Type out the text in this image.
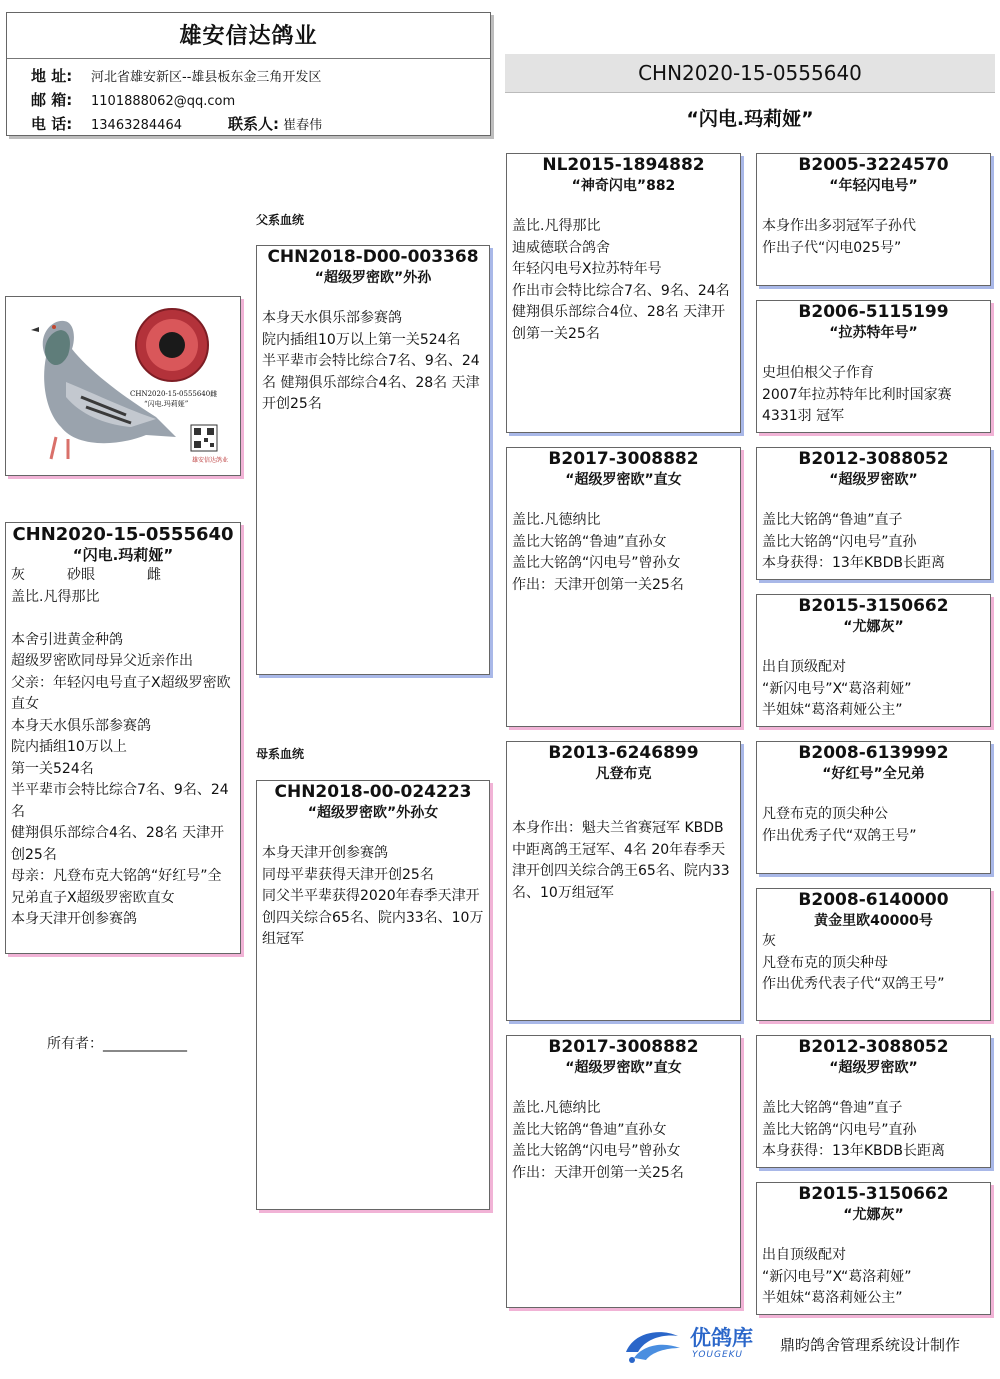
雄安信达鸽业
地 址: 河北省雄安新区--雄县板东金三角开发区
邮 箱: 1101888062@qq.com
电 话: 13463284464	联系人: 崔春伟
CHN2020-15-0555640
“闪电.玛莉娅”
父系血统
母系血统
CHN2020-15-0555640雌
“闪电.玛莉娅”
雄安信达鸽业
CHN2020-15-0555640
“闪电.玛莉娅”
灰	砂眼	雌
盖比.凡得那比

本舍引进黄金种鸽
超级罗密欧同母异父近亲作出
父亲：年轻闪电号直子X超级罗密欧直女
本身天水俱乐部参赛鸽
院内插组10万以上
第一关524名
半平辈市会特比综合7名、9名、24名
健翔俱乐部综合4名、28名 天津开创25名
母亲：凡登布克大铭鸽“好红号”全兄弟直子X超级罗密欧直女
本身天津开创参赛鸽
所有者：____________
CHN2018-D00-003368
“超级罗密欧”外孙
本身天水俱乐部参赛鸽
院内插组10万以上第一关524名
半平辈市会特比综合7名、9名、24名 健翔俱乐部综合4名、28名 天津开创25名
CHN2018-00-024223
“超级罗密欧”外孙女
本身天津开创参赛鸽
同母平辈获得天津开创25名
同父半平辈获得2020年春季天津开创四关综合65名、院内33名、10万组冠军
NL2015-1894882
“神奇闪电”882
盖比.凡得那比
迪威德联合鸽舍
年轻闪电号X拉苏特年号
作出市会特比综合7名、9名、24名 健翔俱乐部综合4位、28名 天津开创第一关25名
B2017-3008882
“超级罗密欧”直女
盖比.凡德纳比
盖比大铭鸽“鲁迪”直孙女
盖比大铭鸽“闪电号”曾孙女
作出：天津开创第一关25名
B2013-6246899
凡登布克
本身作出：魁夫兰省赛冠军 KBDB中距离鸽王冠军、4名 20年春季天津开创四关综合鸽王65名、院内33名、10万组冠军
B2017-3008882
“超级罗密欧”直女
盖比.凡德纳比
盖比大铭鸽“鲁迪”直孙女
盖比大铭鸽“闪电号”曾孙女
作出：天津开创第一关25名
B2005-3224570
“年轻闪电号”
本身作出多羽冠军子孙代
作出子代“闪电025号”
B2006-5115199
“拉苏特年号”
史坦伯根父子作育
2007年拉苏特年比利时国家赛4331羽 冠军
B2012-3088052
“超级罗密欧”
盖比大铭鸽“鲁迪”直子
盖比大铭鸽“闪电号”直孙
本身获得：13年KBDB长距离
B2015-3150662
“尤娜灰”
出自顶级配对
“新闪电号”X“葛洛莉娅”
半姐妹“葛洛莉娅公主”
B2008-6139992
“好红号”全兄弟
凡登布克的顶尖种公
作出优秀子代“双鸽王号”
B2008-6140000
黄金里欧40000号
灰
凡登布克的顶尖种母
作出优秀代表子代“双鸽王号”
B2012-3088052
“超级罗密欧”
盖比大铭鸽“鲁迪”直子
盖比大铭鸽“闪电号”直孙
本身获得：13年KBDB长距离
B2015-3150662
“尤娜灰”
出自顶级配对
“新闪电号”X“葛洛莉娅”
半姐妹“葛洛莉娅公主”
优鸽库
YOUGEKU
鼎昀鸽舍管理系统设计制作
